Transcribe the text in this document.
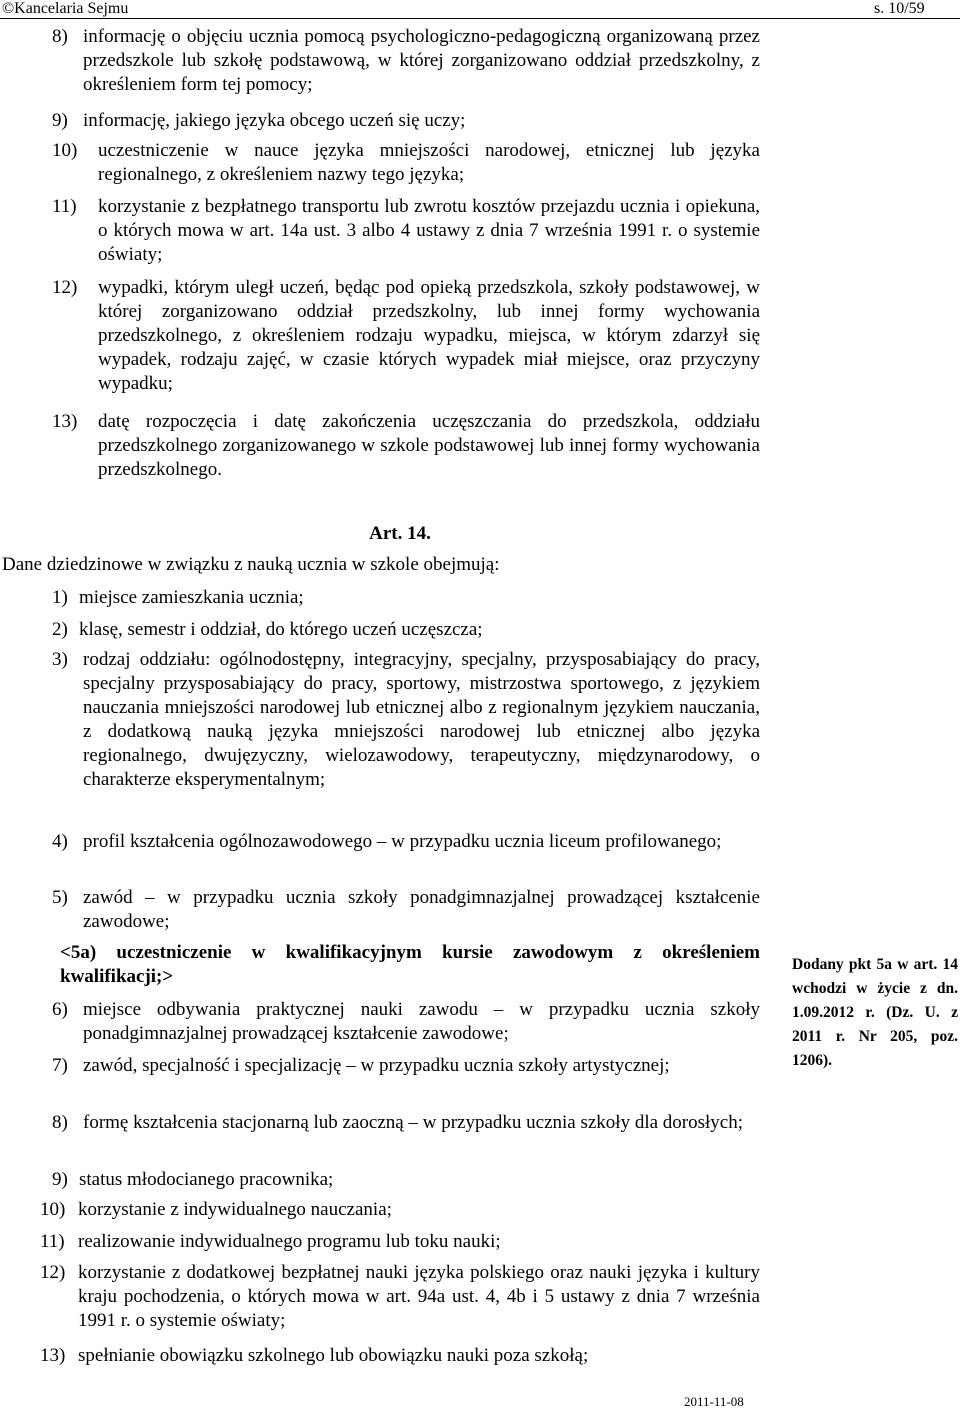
©Kancelaria Sejmu	s. 10/59
8) informację o objęciu ucznia pomocą psychologiczno-pedagogiczną organizowaną przez przedszkole lub szkołę podstawową, w której zorganizowano oddział przedszkolny, z określeniem form tej pomocy;
9) informację, jakiego języka obcego uczeń się uczy;
10)	uczestniczenie w nauce języka mniejszości narodowej, etnicznej lub języka regionalnego, z określeniem nazwy tego języka;
11)	korzystanie z bezpłatnego transportu lub zwrotu kosztów przejazdu ucznia i opiekuna, o których mowa w art. 14a ust. 3 albo 4 ustawy z dnia 7 września 1991 r. o systemie oświaty;
12)	wypadki, którym uległ uczeń, będąc pod opieką przedszkola, szkoły podstawowej, w której zorganizowano oddział przedszkolny, lub innej formy wychowania przedszkolnego, z określeniem rodzaju wypadku, miejsca, w którym zdarzył się wypadek, rodzaju zajęć, w czasie których wypadek miał miejsce, oraz przyczyny wypadku;
13)	datę rozpoczęcia i datę zakończenia uczęszczania do przedszkola, oddziału przedszkolnego zorganizowanego w szkole podstawowej lub innej formy wychowania przedszkolnego.
Art. 14.
Dane dziedzinowe w związku z nauką ucznia w szkole obejmują:
1) miejsce zamieszkania ucznia;
2) klasę, semestr i oddział, do którego uczeń uczęszcza;
3) rodzaj oddziału: ogólnodostępny, integracyjny, specjalny, przysposabiający do pracy, specjalny przysposabiający do pracy, sportowy, mistrzostwa sportowego, z językiem nauczania mniejszości narodowej lub etnicznej albo z regionalnym językiem nauczania, z dodatkową nauką języka mniejszości narodowej lub etnicznej albo języka regionalnego, dwujęzyczny, wielozawodowy, terapeutyczny, międzynarodowy, o charakterze eksperymentalnym;
4) profil kształcenia ogólnozawodowego – w przypadku ucznia liceum profilowanego;
5) zawód – w przypadku ucznia szkoły ponadgimnazjalnej prowadzącej kształcenie zawodowe;
<5a) uczestniczenie w kwalifikacyjnym kursie zawodowym z określeniem kwalifikacji;>
6) miejsce odbywania praktycznej nauki zawodu – w przypadku ucznia szkoły ponadgimnazjalnej prowadzącej kształcenie zawodowe;
7) zawód, specjalność i specjalizację – w przypadku ucznia szkoły artystycznej;
8) formę kształcenia stacjonarną lub zaoczną – w przypadku ucznia szkoły dla dorosłych;
9) status młodocianego pracownika;
10) korzystanie z indywidualnego nauczania;
11) realizowanie indywidualnego programu lub toku nauki;
12) korzystanie z dodatkowej bezpłatnej nauki języka polskiego oraz nauki języka i kultury kraju pochodzenia, o których mowa w art. 94a ust. 4, 4b i 5 ustawy z dnia 7 września 1991 r. o systemie oświaty;
13) spełnianie obowiązku szkolnego lub obowiązku nauki poza szkołą;
Dodany pkt 5a w art. 14 wchodzi w życie z dn. 1.09.2012 r. (Dz. U. z 2011 r. Nr 205, poz. 1206).
2011-11-08
